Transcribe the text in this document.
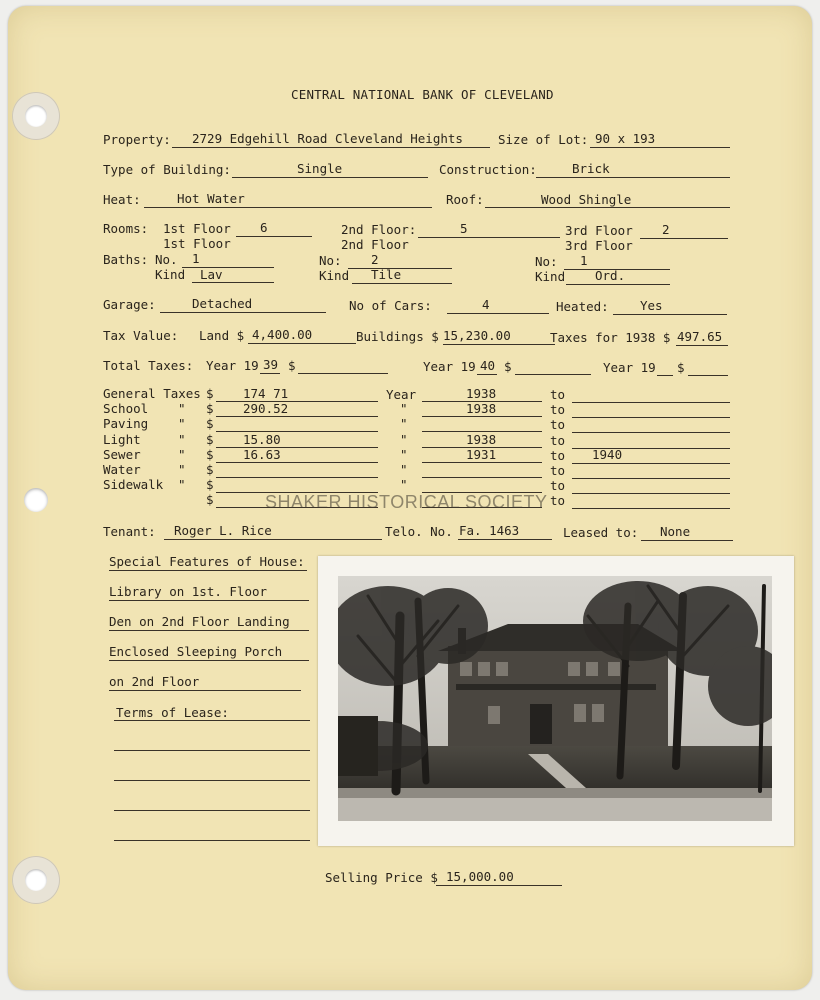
CENTRAL NATIONAL BANK OF CLEVELAND
Property: 2729 Edgehill Road Cleveland Heights	Size of Lot: 90 x 193
Type of Building:	Single	Construction:	Brick
Heat:	Hot Water	Roof:	Wood Shingle
Rooms: 1st Floor 6
1st Floor
2nd Floor:	5
2nd Floor
3rd Floor 2
3rd Floor
Baths: No. 1
Kind Lav
No: 2
Kind Tile
No: 1
Kind Ord.
Garage:	Detached	No of Cars:	4	Heated:	Yes
Tax Value: Land $ 4,400.00	Buildings $ 15,230.00	Taxes for 1938 $ 497.65
Total Taxes: Year 19 39 $	Year 19 40 $	Year 19 $
Year
General Taxes $ 174 71	1938	to
School " $ 290.52	"	1938	to
Paving " $	"	to
Light	" $ 15.80	"	1938	to
Sewer	" $ 16.63	"	1931	to 1940
Water	" $	"	to
Sidewalk " $	"	to
$	to
SHAKER HISTORICAL SOCIETY
Tenant: Roger L. Rice	Telo. No. Fa. 1463	Leased to: None
Special Features of House:
Library on 1st. Floor
Den on 2nd Floor Landing
Enclosed Sleeping Porch
on 2nd Floor
Terms of Lease:
Selling Price $ 15,000.00
